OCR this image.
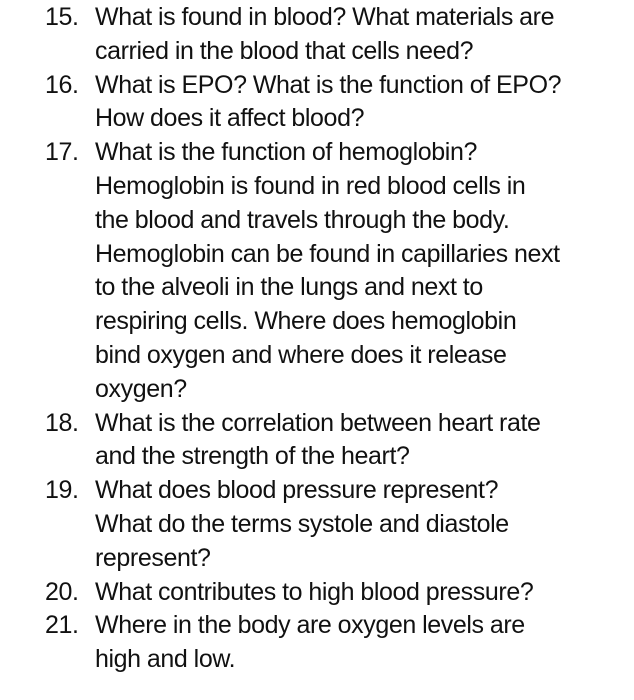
15. What is found in blood? What materials are
carried in the blood that cells need?
16. What is EPO? What is the function of EPO?
How does it affect blood?
17. What is the function of hemoglobin?
Hemoglobin is found in red blood cells in
the blood and travels through the body.
Hemoglobin can be found in capillaries next
to the alveoli in the lungs and next to
respiring cells. Where does hemoglobin
bind oxygen and where does it release
oxygen?
18. What is the correlation between heart rate
and the strength of the heart?
19. What does blood pressure represent?
What do the terms systole and diastole
represent?
20. What contributes to high blood pressure?
21. Where in the body are oxygen levels are
high and low.
